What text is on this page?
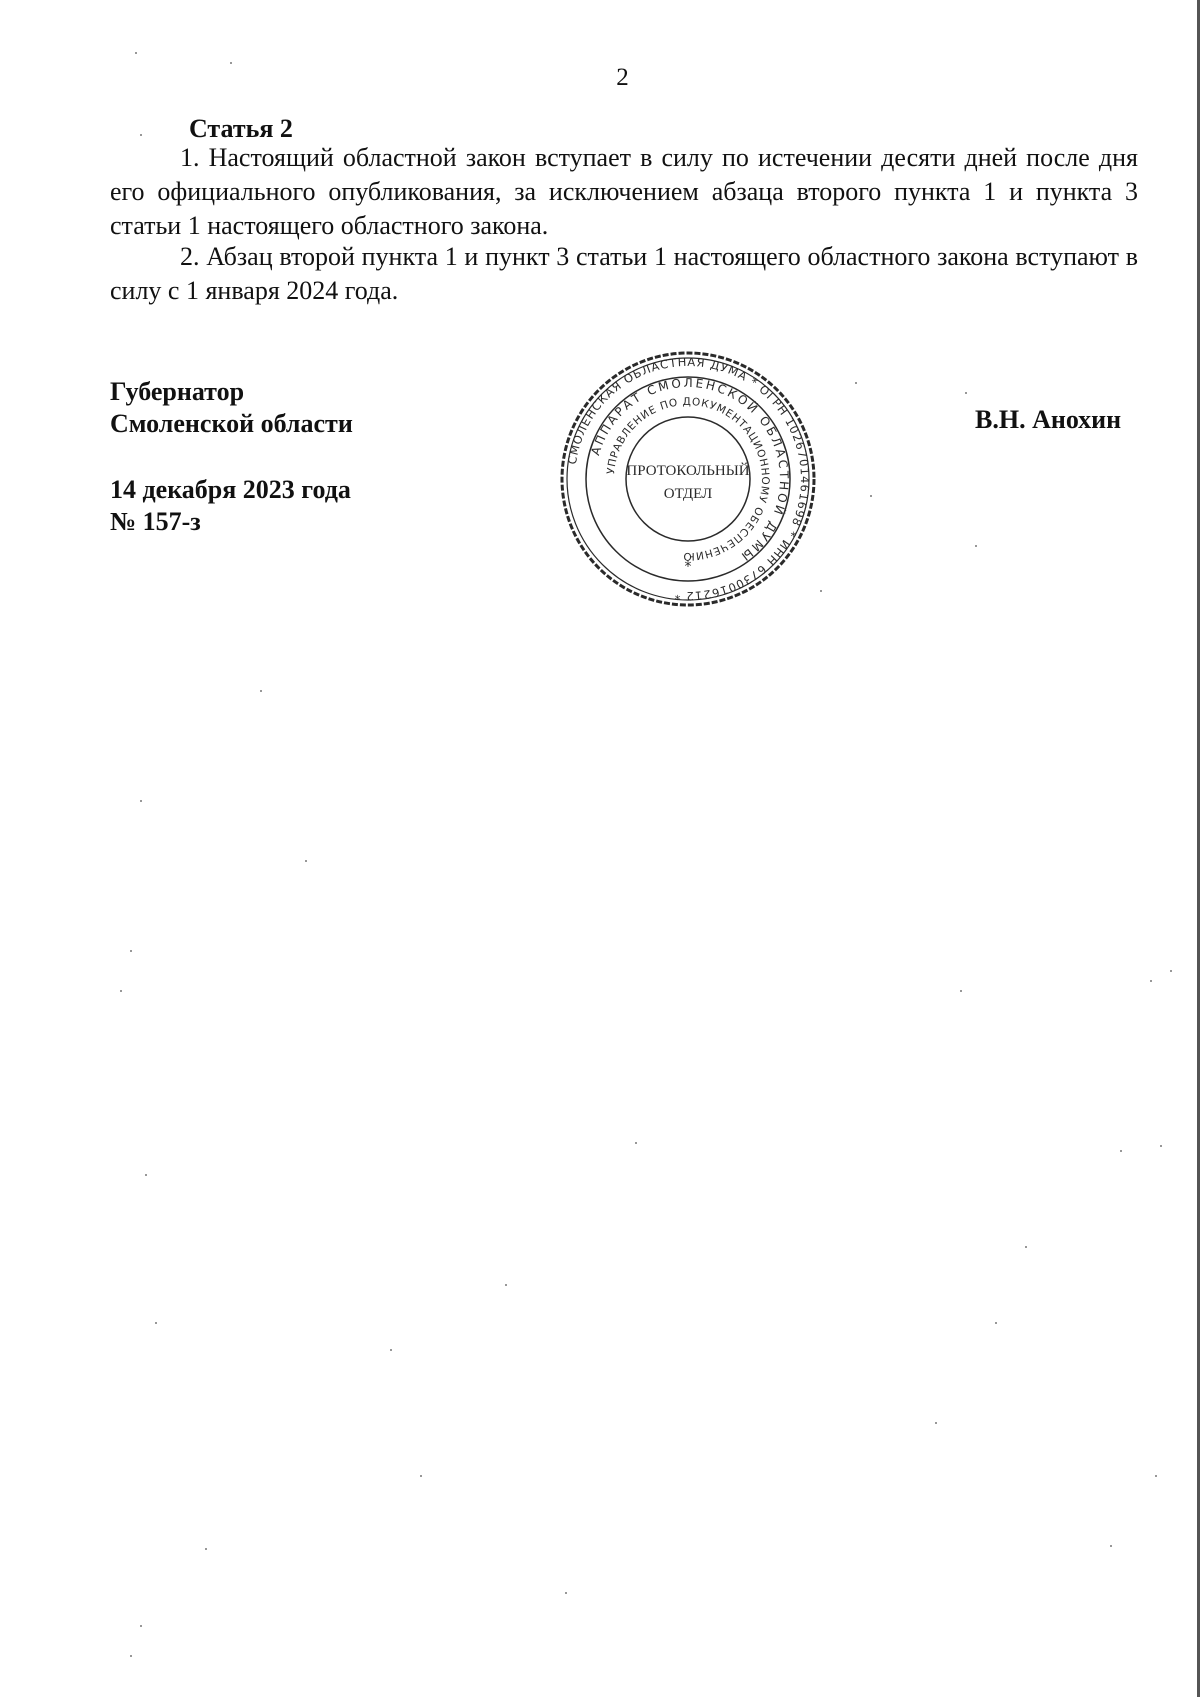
2
Статья 2

1. Настоящий областной закон вступает в силу по истечении десяти дней после дня его официального опубликования, за исключением абзаца второго пункта 1 и пункта 3 статьи 1 настоящего областного закона.

2. Абзац второй пункта 1 и пункт 3 статьи 1 настоящего областного закона вступают в силу с 1 января 2024 года.

Губернатор
Смоленской области
14 декабря 2023 года
№ 157-з
В.Н. Анохин
СМОЛЕНСКАЯ ОБЛАСТНАЯ ДУМА * ОГРН 1026701461698 * ИНН 6730016212 *
АППАРАТ СМОЛЕНСКОЙ ОБЛАСТНОЙ ДУМЫ
УПРАВЛЕНИЕ ПО ДОКУМЕНТАЦИОННОМУ ОБЕСПЕЧЕНИЮ
ПРОТОКОЛЬНЫЙ
ОТДЕЛ
*
